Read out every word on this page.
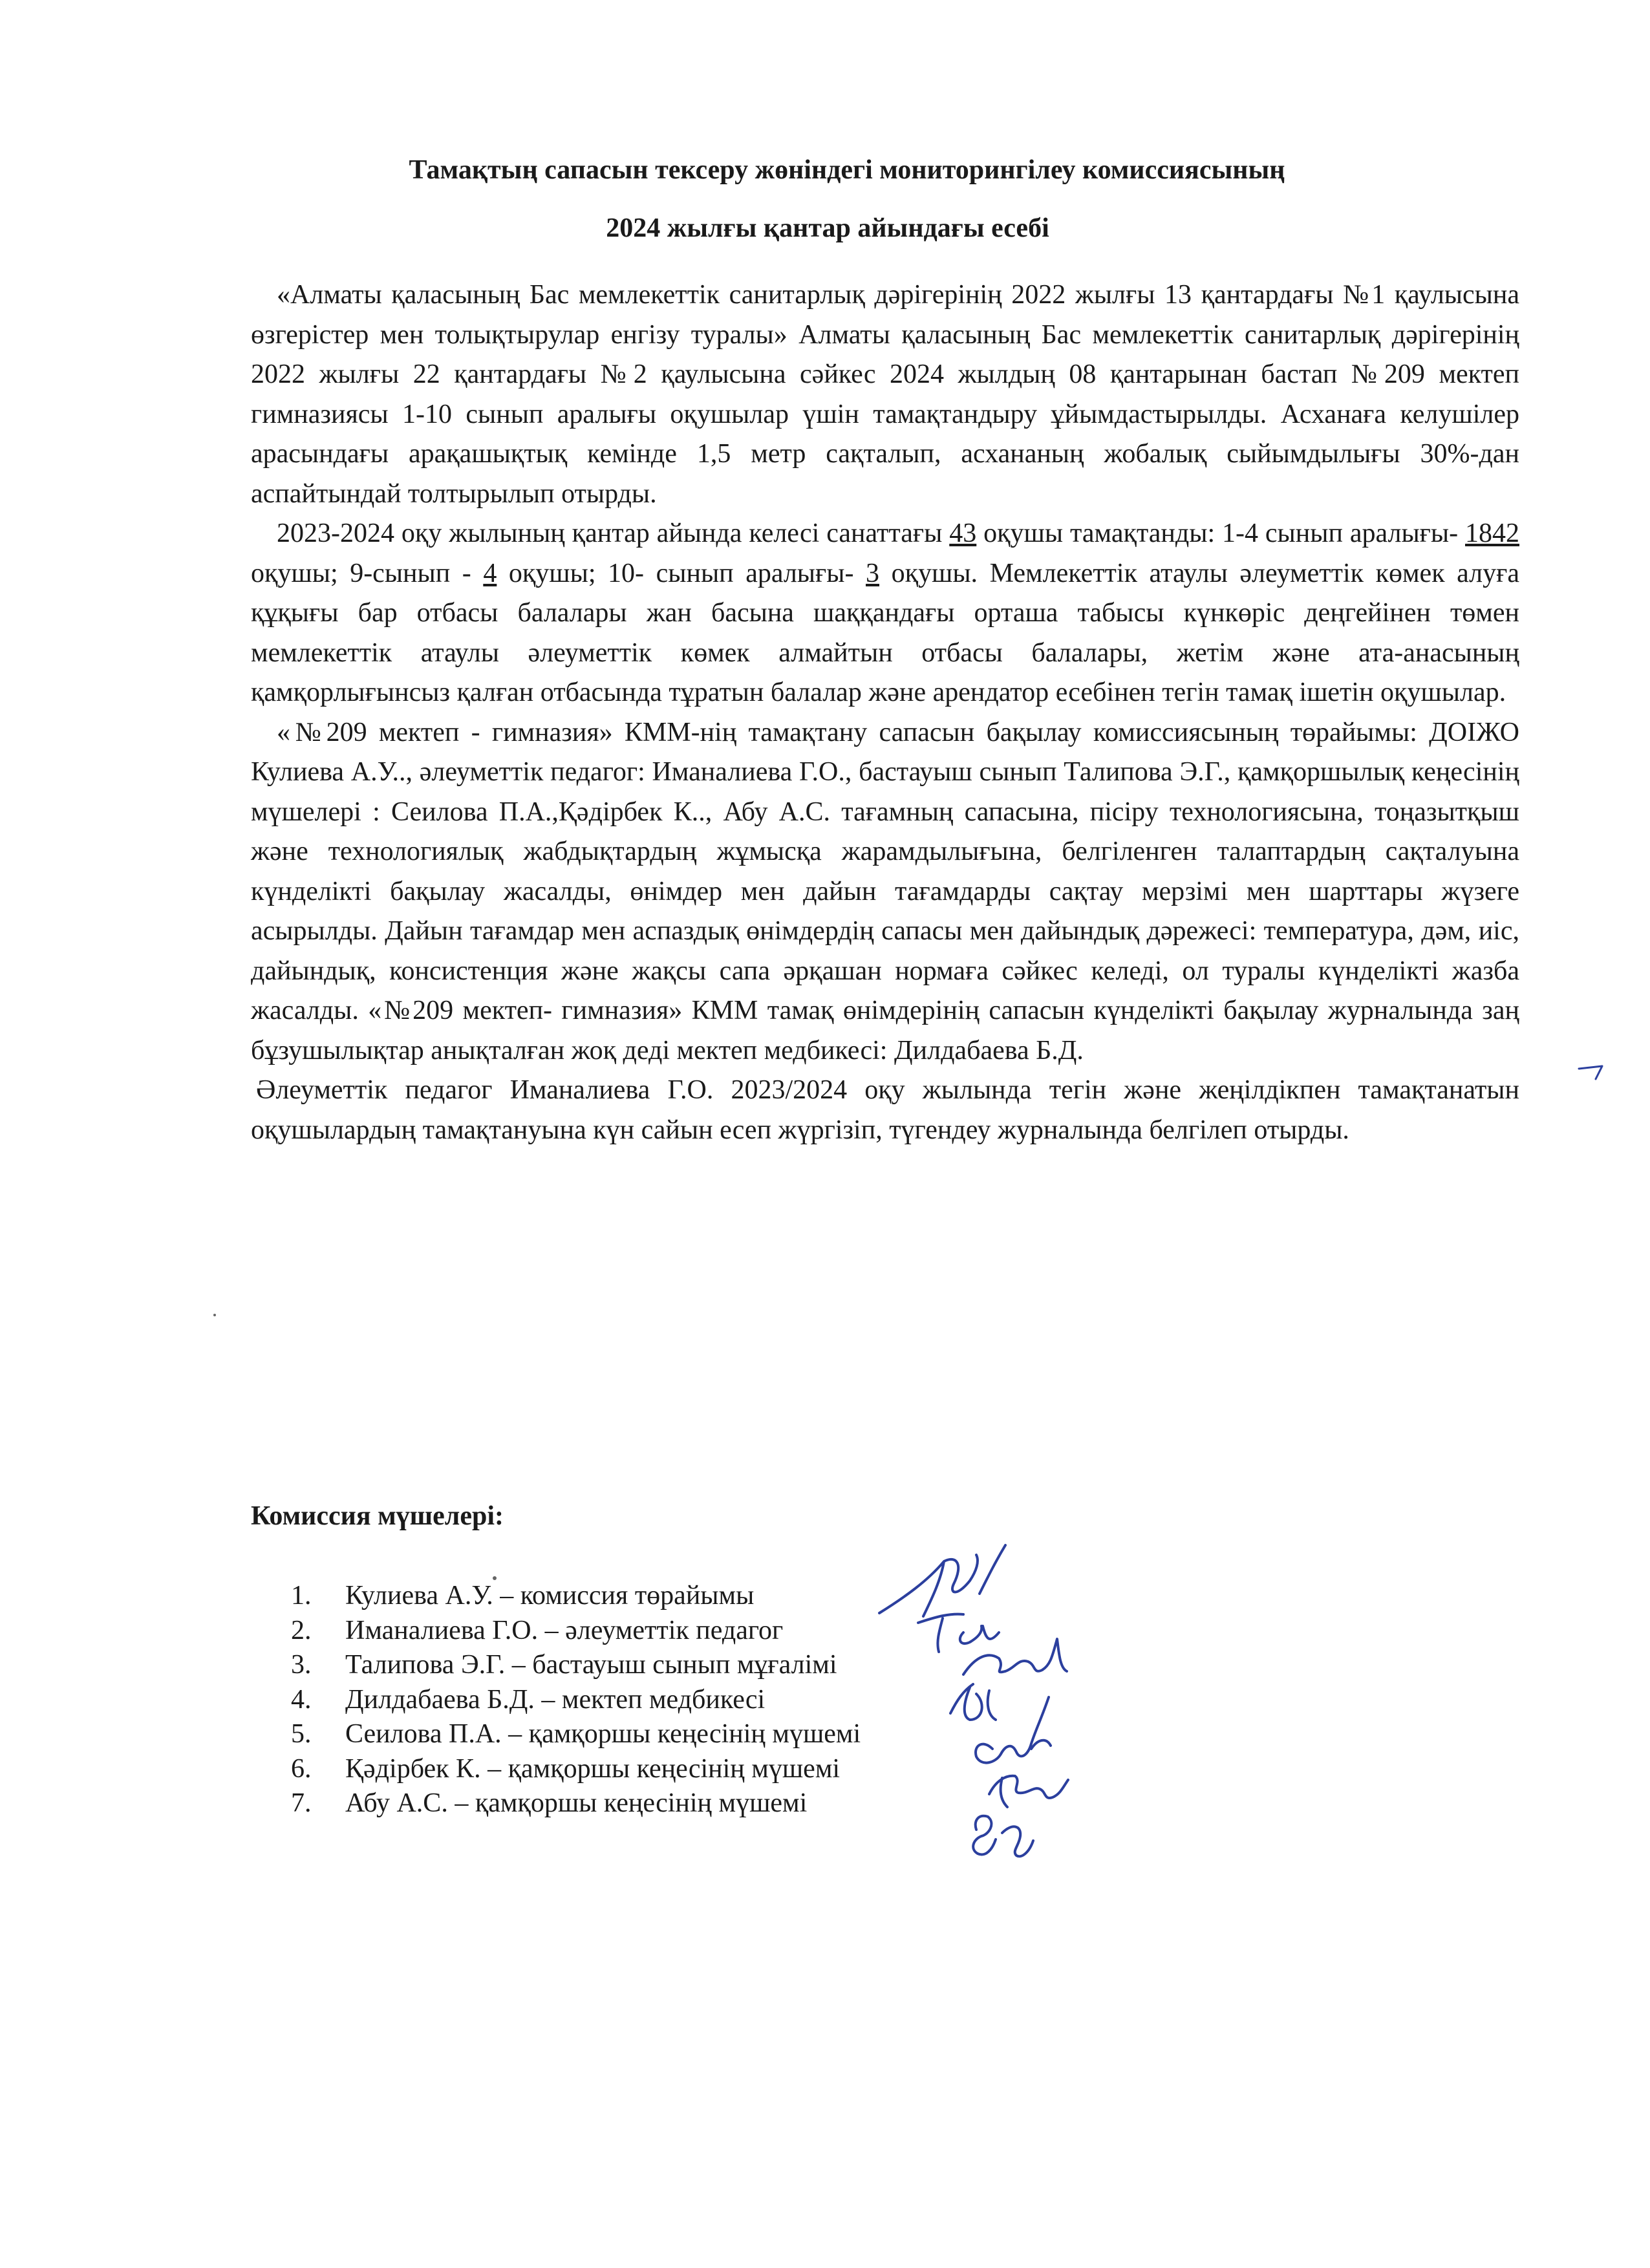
Тамақтың сапасын тексеру жөніндегі мониторингілеу комиссиясының
2024 жылғы қантар айындағы есебі

«Алматы қаласының Бас мемлекеттік санитарлық дәрігерінің 2022 жылғы 13 қантардағы №1 қаулысына өзгерістер мен толықтырулар енгізу туралы» Алматы қаласының Бас мемлекеттік санитарлық дәрігерінің 2022 жылғы 22 қантардағы №2 қаулысына сәйкес 2024 жылдың 08 қантарынан бастап №209 мектеп гимназиясы 1-10 сынып аралығы оқушылар үшін тамақтандыру ұйымдастырылды. Асханаға келушілер арасындағы арақашықтық кемінде 1,5 метр сақталып, асхананың жобалық сыйымдылығы 30%-дан аспайтындай толтырылып отырды.

2023-2024 оқу жылының қантар айында келесі санаттағы 43 оқушы тамақтанды: 1-4 сынып аралығы- 1842 оқушы; 9-сынып - 4 оқушы; 10- сынып аралығы- 3 оқушы. Мемлекеттік атаулы әлеуметтік көмек алуға құқығы бар отбасы балалары жан басына шаққандағы орташа табысы күнкөріс деңгейінен төмен мемлекеттік атаулы әлеуметтік көмек алмайтын отбасы балалары, жетім және ата-анасының қамқорлығынсыз қалған отбасында тұратын балалар және арендатор есебінен тегін тамақ ішетін оқушылар.

«№209 мектеп - гимназия» КММ-нің тамақтану сапасын бақылау комиссиясының төрайымы: ДОІЖО Кулиева А.У.., әлеуметтік педагог: Иманалиева Г.О., бастауыш сынып Талипова Э.Г., қамқоршылық кеңесінің мүшелері : Сеилова П.А.,Қәдірбек К.., Абу А.С. тағамның сапасына, пісіру технологиясына, тоңазытқыш және технологиялық жабдықтардың жұмысқа жарамдылығына, белгіленген талаптардың сақталуына күнделікті бақылау жасалды, өнімдер мен дайын тағамдарды сақтау мерзімі мен шарттары жүзеге асырылды. Дайын тағамдар мен аспаздық өнімдердің сапасы мен дайындық дәрежесі: температура, дәм, иіс, дайындық, консистенция және жақсы сапа әрқашан нормаға сәйкес келеді, ол туралы күнделікті жазба жасалды. «№209 мектеп- гимназия» КММ тамақ өнімдерінің сапасын күнделікті бақылау журналында заң бұзушылықтар анықталған жоқ деді мектеп медбикесі: Дилдабаева Б.Д.

Әлеуметтік педагог Иманалиева Г.О. 2023/2024 оқу жылында тегін және жеңілдікпен тамақтанатын оқушылардың тамақтануына күн сайын есеп жүргізіп, түгендеу журналында белгілеп отырды.

Комиссия мүшелері:
1. Кулиева А.У. – комиссия төрайымы
2. Иманалиева Г.О. – әлеуметтік педагог
3. Талипова Э.Г. – бастауыш сынып мұғалімі
4. Дилдабаева Б.Д. – мектеп медбикесі
5. Сеилова П.А. – қамқоршы кеңесінің мүшемі
6. Қәдірбек К. – қамқоршы кеңесінің мүшемі
7. Абу А.С. – қамқоршы кеңесінің мүшемі
